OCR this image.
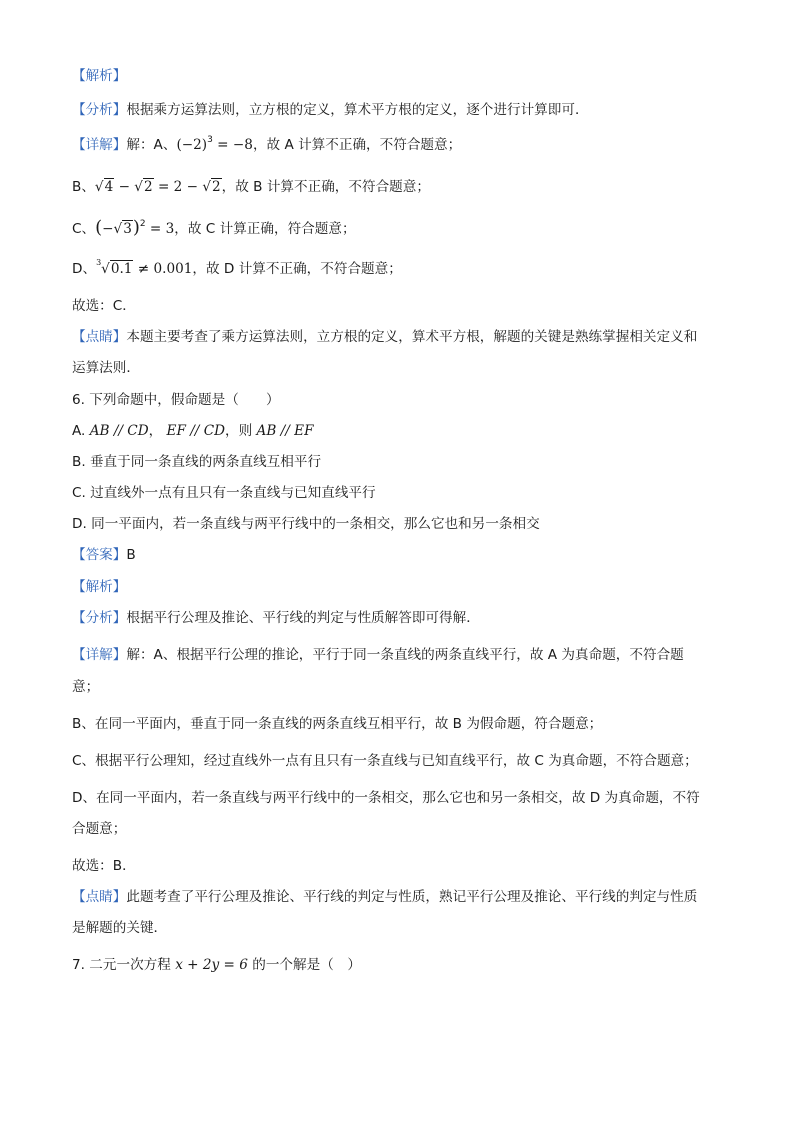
【解析】
【分析】根据乘方运算法则，立方根的定义，算术平方根的定义，逐个进行计算即可．
【详解】解：A、$(-2)^3 = -8$，故 A 计算不正确，不符合题意；
B、√4 − √2 = 2 − √2，故 B 计算不正确，不符合题意；
C、$(-√3)^2 = 3$，故 C 计算正确，符合题意；
D、$^3$√0.1 ≠ 0.001，故 D 计算不正确，不符合题意；
故选：C．
【点睛】本题主要考查了乘方运算法则，立方根的定义，算术平方根，解题的关键是熟练掌握相关定义和
运算法则．
6. 下列命题中，假命题是（　　）
A. AB // CD， EF // CD，则 AB // EF
B. 垂直于同一条直线的两条直线互相平行
C. 过直线外一点有且只有一条直线与已知直线平行
D. 同一平面内，若一条直线与两平行线中的一条相交，那么它也和另一条相交
【答案】B
【解析】
【分析】根据平行公理及推论、平行线的判定与性质解答即可得解．
【详解】解：A、根据平行公理的推论，平行于同一条直线的两条直线平行，故 A 为真命题，不符合题
意；
B、在同一平面内，垂直于同一条直线的两条直线互相平行，故 B 为假命题，符合题意；
C、根据平行公理知，经过直线外一点有且只有一条直线与已知直线平行，故 C 为真命题，不符合题意；
D、在同一平面内，若一条直线与两平行线中的一条相交，那么它也和另一条相交，故 D 为真命题，不符
合题意；
故选：B．
【点睛】此题考查了平行公理及推论、平行线的判定与性质，熟记平行公理及推论、平行线的判定与性质
是解题的关键．
7. 二元一次方程 x + 2y = 6 的一个解是（　）
